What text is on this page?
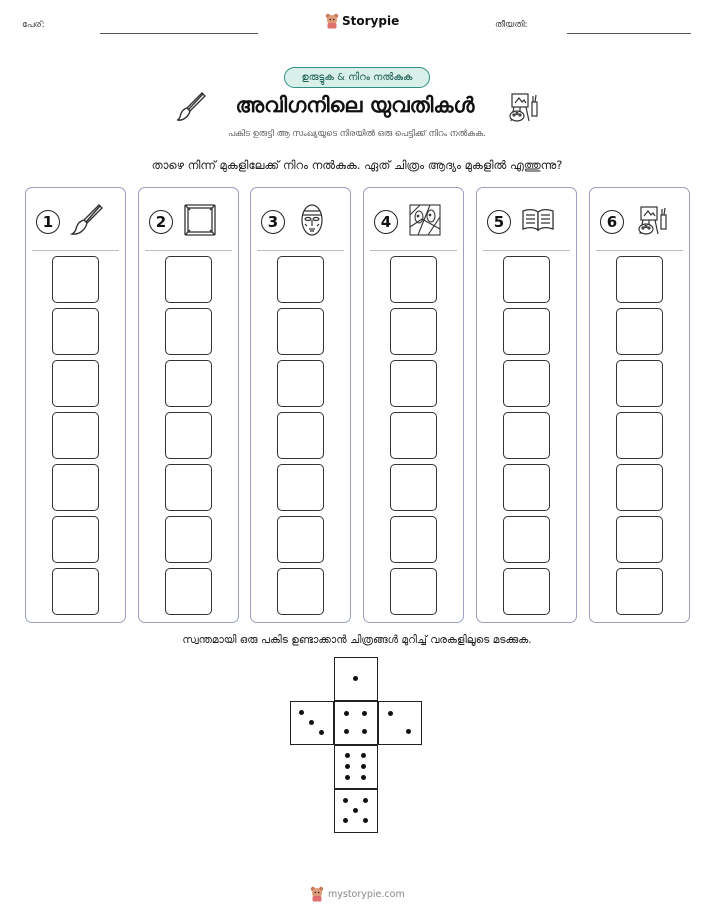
പേര്:	Storypie	തീയതി:
ഉരുട്ടുക & നിറം നൽകുക
അവിഗനിലെ യുവതികൾ
പകിട ഉരുട്ടി ആ സംഖ്യയുടെ നിരയിൽ ഒരു പെട്ടിക്ക് നിറം നൽകുക.
താഴെ നിന്ന് മുകളിലേക്ക് നിറം നൽകുക. ഏത് ചിത്രം ആദ്യം മുകളിൽ എത്തുന്നു?
1	2	3	4	5	6
സ്വന്തമായി ഒരു പകിട ഉണ്ടാക്കാൻ ചിത്രങ്ങൾ മുറിച്ച് വരകളിലൂടെ മടക്കുക.
mystorypie.com
